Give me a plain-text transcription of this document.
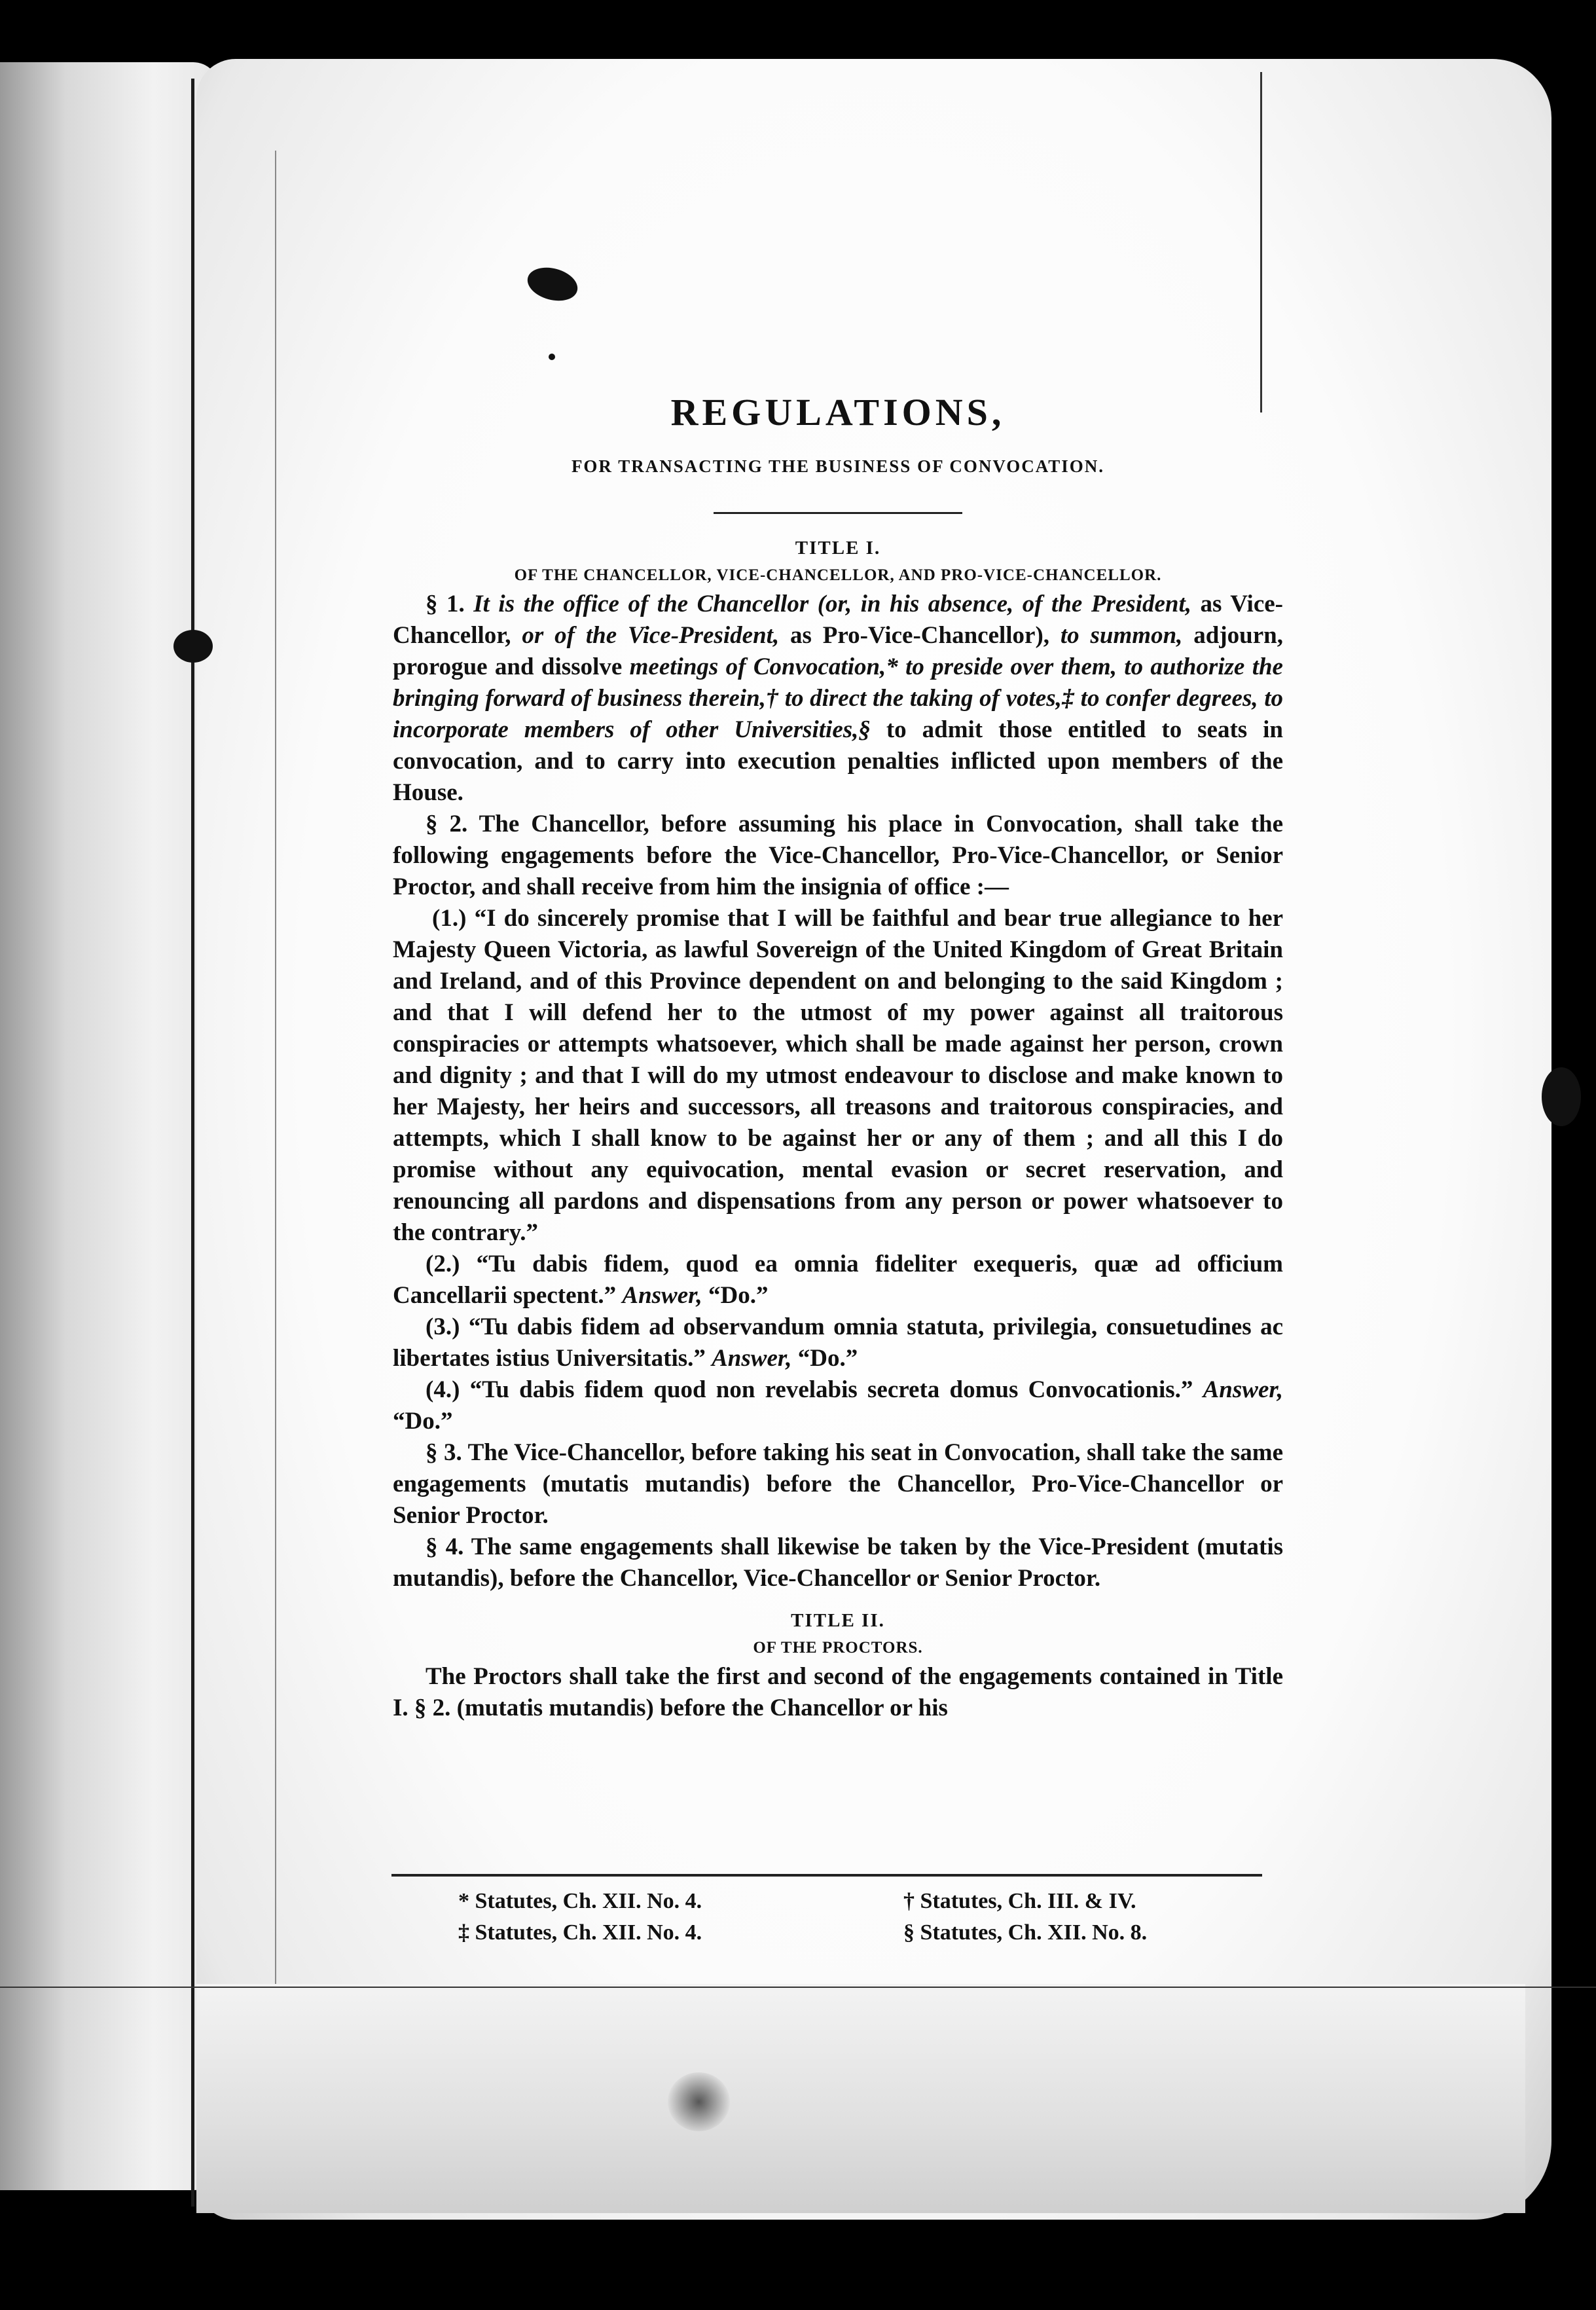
REGULATIONS,
FOR TRANSACTING THE BUSINESS OF CONVOCATION.
TITLE I.
OF THE CHANCELLOR, VICE-CHANCELLOR, AND PRO-VICE-CHANCELLOR.

§ 1. It is the office of the Chancellor (or, in his absence, of the President, as Vice-Chancellor, or of the Vice-President, as Pro-Vice-Chancellor), to summon, adjourn, prorogue and dissolve meetings of Convocation,* to preside over them, to authorize the bringing forward of business therein,† to direct the taking of votes,‡ to confer degrees, to incorporate members of other Universities,§ to admit those entitled to seats in convocation, and to carry into execution penalties inflicted upon members of the House.

§ 2. The Chancellor, before assuming his place in Convocation, shall take the following engagements before the Vice-Chancellor, Pro-Vice-Chancellor, or Senior Proctor, and shall receive from him the insignia of office :—

(1.) “I do sincerely promise that I will be faithful and bear true allegiance to her Majesty Queen Victoria, as lawful Sovereign of the United Kingdom of Great Britain and Ireland, and of this Province dependent on and belonging to the said Kingdom ; and that I will defend her to the utmost of my power against all traitorous conspiracies or attempts whatsoever, which shall be made against her person, crown and dignity ; and that I will do my utmost endeavour to disclose and make known to her Majesty, her heirs and successors, all treasons and traitorous conspiracies, and attempts, which I shall know to be against her or any of them ; and all this I do promise without any equivocation, mental evasion or secret reservation, and renouncing all pardons and dispensations from any person or power whatsoever to the contrary.”

(2.) “Tu dabis fidem, quod ea omnia fideliter exequeris, quæ ad officium Cancellarii spectent.” Answer, “Do.”

(3.) “Tu dabis fidem ad observandum omnia statuta, privilegia, consuetudines ac libertates istius Universitatis.” Answer, “Do.”

(4.) “Tu dabis fidem quod non revelabis secreta domus Convocationis.” Answer, “Do.”

§ 3. The Vice-Chancellor, before taking his seat in Convocation, shall take the same engagements (mutatis mutandis) before the Chancellor, Pro-Vice-Chancellor or Senior Proctor.

§ 4. The same engagements shall likewise be taken by the Vice-President (mutatis mutandis), before the Chancellor, Vice-Chancellor or Senior Proctor.

TITLE II.
OF THE PROCTORS.

The Proctors shall take the first and second of the engagements contained in Title I. § 2. (mutatis mutandis) before the Chancellor or his

* Statutes, Ch. XII. No. 4.
‡ Statutes, Ch. XII. No. 4.
† Statutes, Ch. III. & IV.
§ Statutes, Ch. XII. No. 8.
